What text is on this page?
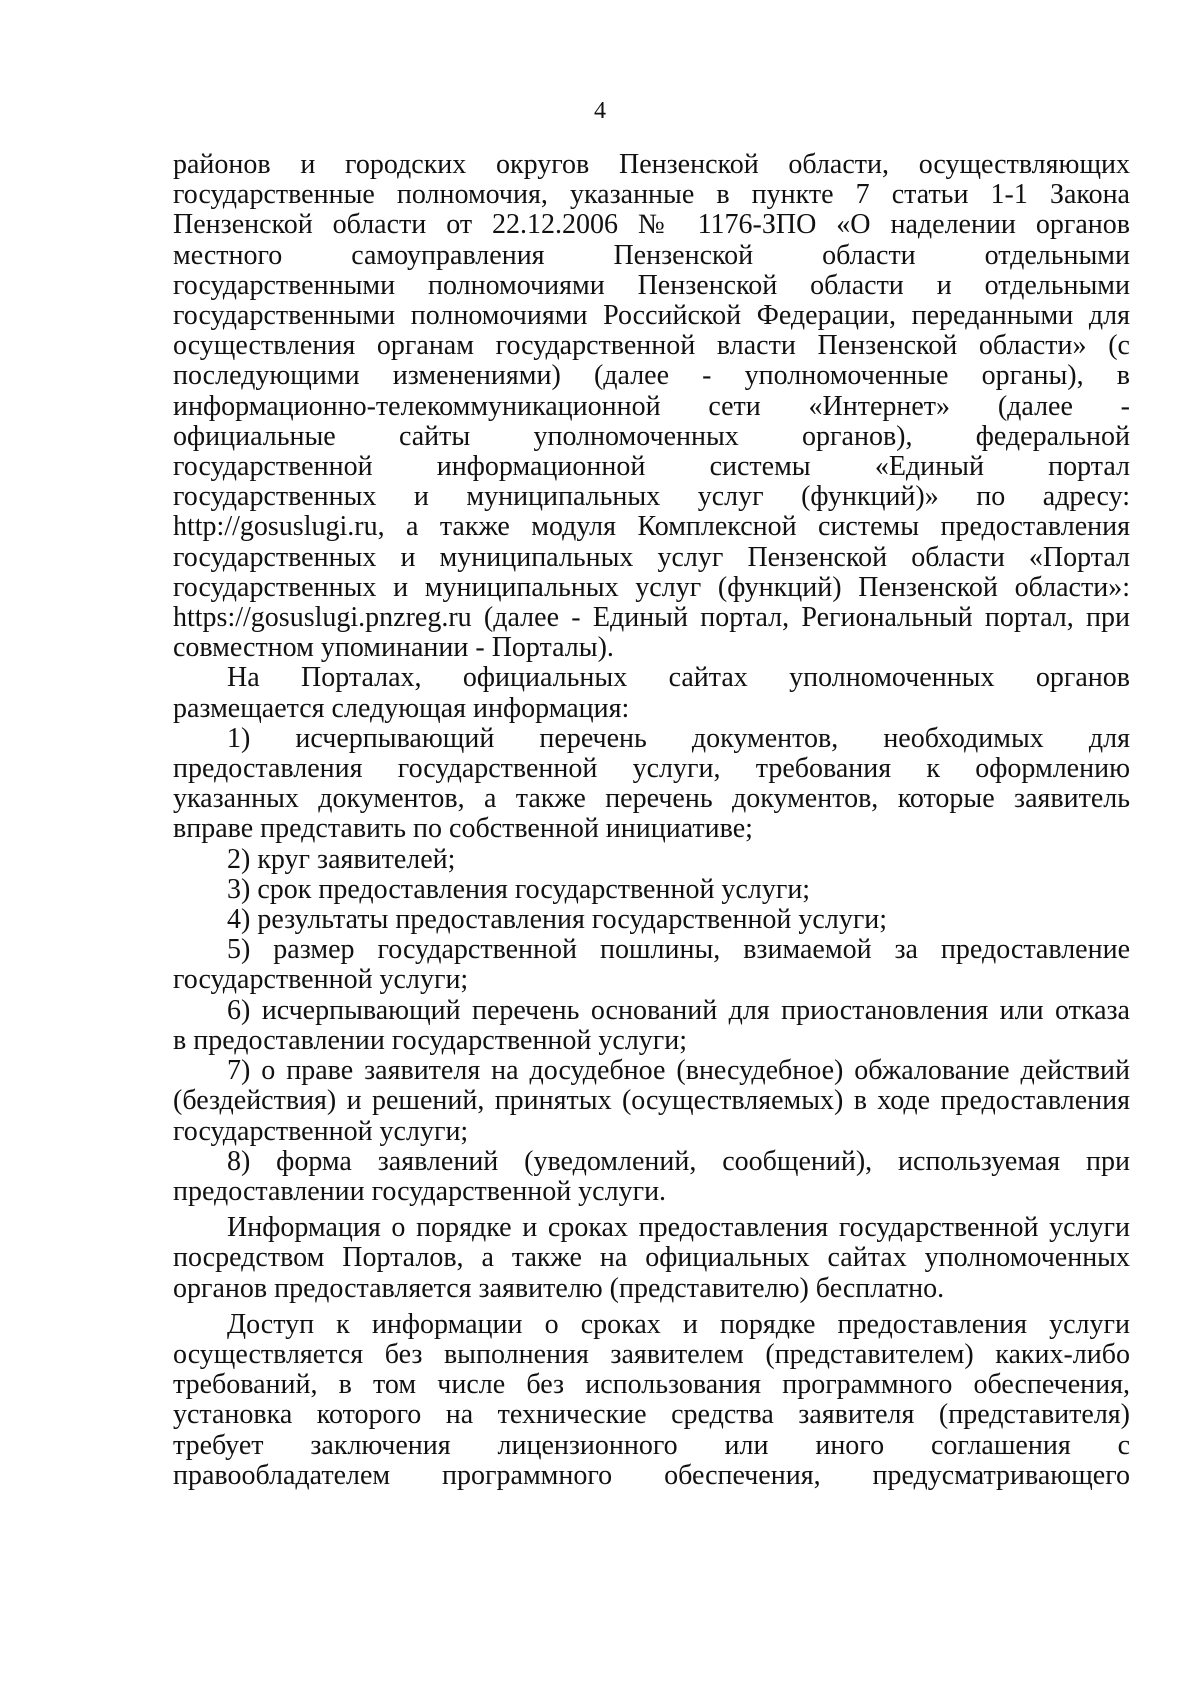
4

районов и городских округов Пензенской области, осуществляющих

государственные полномочия, указанные в пункте 7 статьи 1-1 Закона

Пензенской области от 22.12.2006 № 1176-ЗПО «О наделении органов

местного самоуправления Пензенской области отдельными

государственными полномочиями Пензенской области и отдельными

государственными полномочиями Российской Федерации, переданными для

осуществления органам государственной власти Пензенской области» (с

последующими изменениями) (далее - уполномоченные органы), в

информационно-телекоммуникационной сети «Интернет» (далее -

официальные сайты уполномоченных органов), федеральной

государственной информационной системы «Единый портал

государственных и муниципальных услуг (функций)» по адресу:

http://gosuslugi.ru, а также модуля Комплексной системы предоставления

государственных и муниципальных услуг Пензенской области «Портал

государственных и муниципальных услуг (функций) Пензенской области»:

https://gosuslugi.pnzreg.ru (далее - Единый портал, Региональный портал, при

совместном упоминании - Порталы).

На Порталах, официальных сайтах уполномоченных органов

размещается следующая информация:

1) исчерпывающий перечень документов, необходимых для

предоставления государственной услуги, требования к оформлению

указанных документов, а также перечень документов, которые заявитель

вправе представить по собственной инициативе;

2) круг заявителей;

3) срок предоставления государственной услуги;

4) результаты предоставления государственной услуги;

5) размер государственной пошлины, взимаемой за предоставление

государственной услуги;

6) исчерпывающий перечень оснований для приостановления или отказа

в предоставлении государственной услуги;

7) о праве заявителя на досудебное (внесудебное) обжалование действий

(бездействия) и решений, принятых (осуществляемых) в ходе предоставления

государственной услуги;

8) форма заявлений (уведомлений, сообщений), используемая при

предоставлении государственной услуги.

Информация о порядке и сроках предоставления государственной услуги

посредством Порталов, а также на официальных сайтах уполномоченных

органов предоставляется заявителю (представителю) бесплатно.

Доступ к информации о сроках и порядке предоставления услуги

осуществляется без выполнения заявителем (представителем) каких-либо

требований, в том числе без использования программного обеспечения,

установка которого на технические средства заявителя (представителя)

требует заключения лицензионного или иного соглашения с

правообладателем программного обеспечения, предусматривающего
